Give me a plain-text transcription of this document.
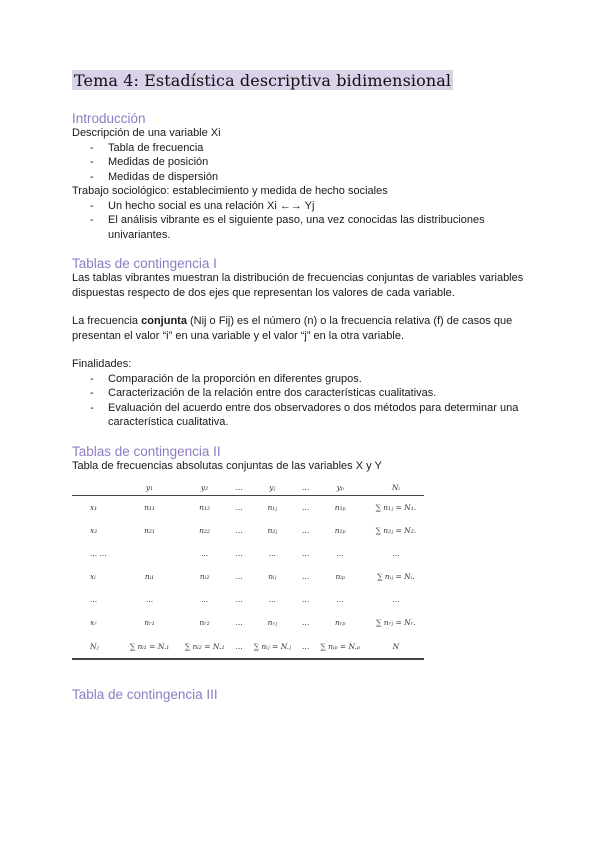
Tema 4: Estadística descriptiva bidimensional
Introducción

Descripción de una variable Xi

- Tabla de frecuencia
- Medidas de posición
- Medidas de dispersión

Trabajo sociológico: establecimiento y medida de hecho sociales

- Un hecho social es una relación Xi ←→ Yj
- El análisis vibrante es el siguiente paso, una vez conocidas las distribuciones univariantes.
Tablas de contingencia I

Las tablas vibrantes muestran la distribución de frecuencias conjuntas de variables variables dispuestas respecto de dos ejes que representan los valores de cada variable.

La frecuencia conjunta (Nij o Fij) es el número (n) o la frecuencia relativa (f) de casos que presentan el valor “i” en una variable y el valor “j” en la otra variable.

Finalidades:

- Comparación de la proporción en diferentes grupos.
- Caracterización de la relación entre dos características cualitativas.
- Evaluación del acuerdo entre dos observadores o dos métodos para determinar una característica cualitativa.
Tablas de contingencia II

Tabla de frecuencias absolutas conjuntas de las variables X y Y

	y₁	y₂	...	yⱼ	...	yₚ	Nᵢ
x₁	n₁₁	n₁₂	...	n₁ⱼ	...	n₁ₚ	∑ n₁ⱼ = N₁.
x₂	n₂₁	n₂₂	...	n₂ⱼ	...	n₂ₚ	∑ n₂ⱼ = N₂.
... ...		...	...	...	...	...	...
xᵢ	nᵢ₁	nᵢ₂	...	nᵢⱼ	...	nᵢₚ	∑ nᵢⱼ = Nᵢ.
...	...	...	...	...	...	...	...
xᵣ	nᵣ₁	nᵣ₂	...	nᵣⱼ	...	nᵣₚ	∑ nᵣⱼ = Nᵣ.
Nⱼ	∑ nᵢ₁ = N.₁	∑ nᵢ₂ = N.₂	...	∑ nᵢⱼ = N.ⱼ	...	∑ nᵢₚ = N.ₚ	N
Tabla de contingencia III
